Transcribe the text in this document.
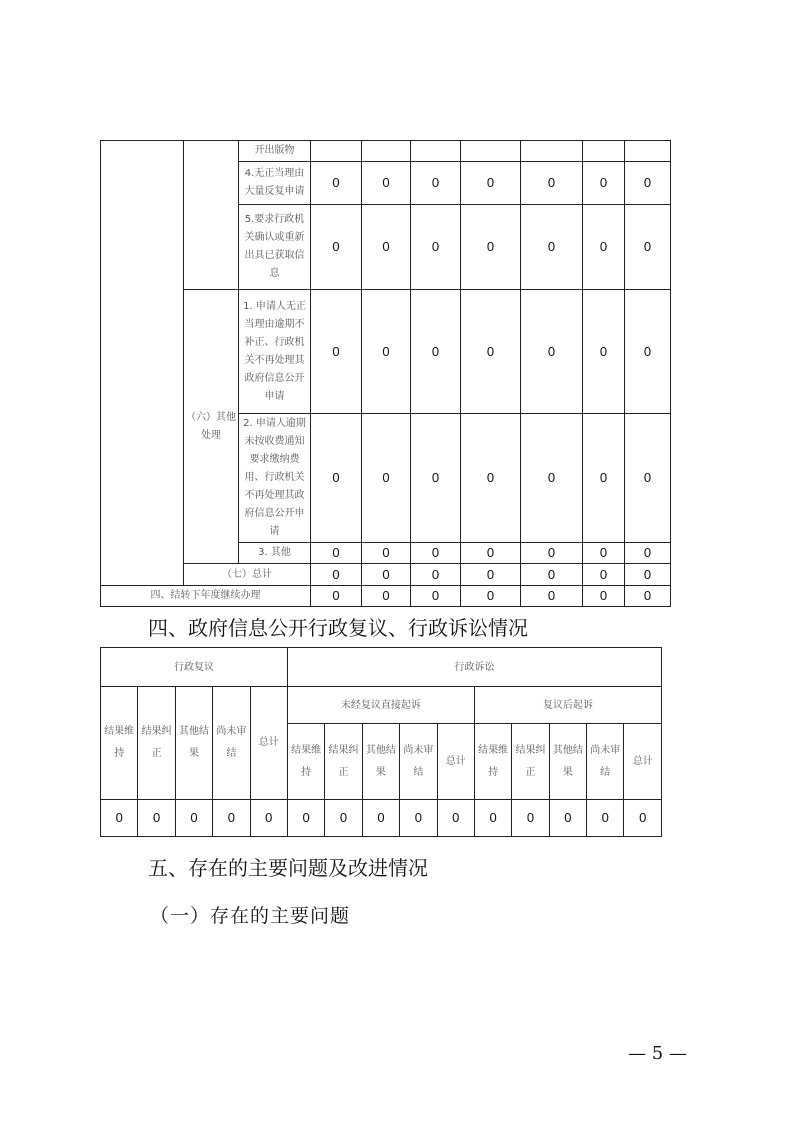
		开出版物							
		4.无正当理由大量反复申请	0	0	0	0	0	0	0
		5.要求行政机关确认或重新出具已获取信息	0	0	0	0	0	0	0
	（六）其他处理	1. 申请人无正当理由逾期不补正、行政机关不再处理其政府信息公开申请	0	0	0	0	0	0	0
		2. 申请人逾期未按收费通知要求缴纳费用、行政机关不再处理其政府信息公开申请	0	0	0	0	0	0	0
		3. 其他	0	0	0	0	0	0	0
	（七）总计		0	0	0	0	0	0	0
四、结转下年度继续办理			0	0	0	0	0	0	0
四、政府信息公开行政复议、行政诉讼情况
行政复议					行政诉讼									
结果维持	结果纠正	其他结果	尚未审结	总计	未经复议直接起诉					复议后起诉				
					结果维持	结果纠正	其他结果	尚未审结	总计	结果维持	结果纠正	其他结果	尚未审结	总计
0	0	0	0	0	0	0	0	0	0	0	0	0	0	0
五、存在的主要问题及改进情况
（一）存在的主要问题
— 5 —
